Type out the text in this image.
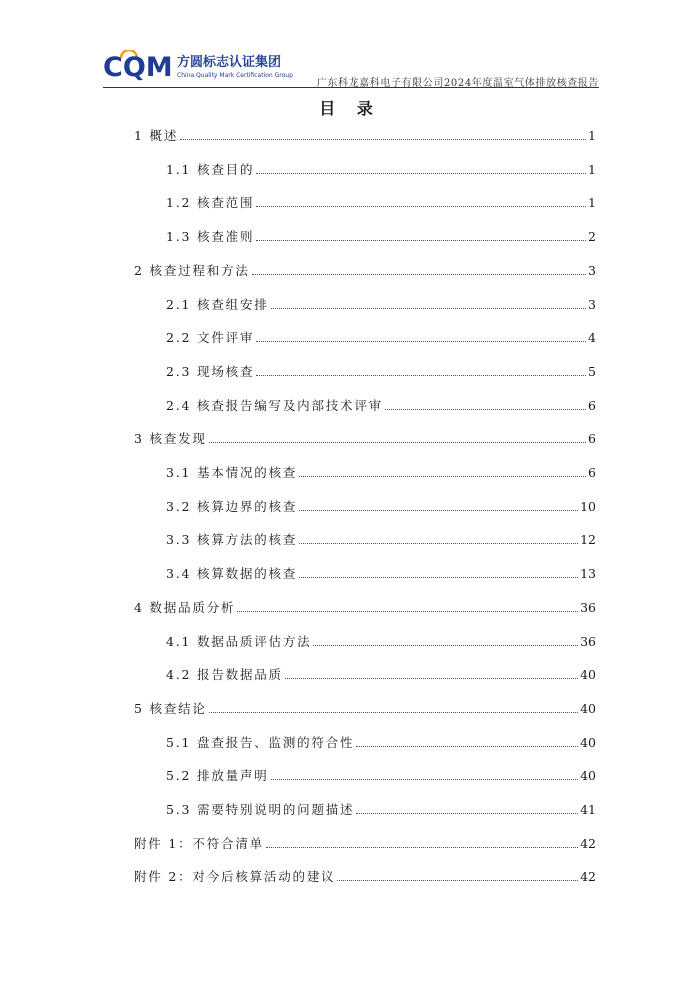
CQM 方圆标志认证集团
China Quality Mark Certification Group
广东科龙嘉科电子有限公司2024年度温室气体排放核查报告
目 录
1 概述	1
1.1 核查目的	1
1.2 核查范围	1
1.3 核查准则	2
2 核查过程和方法	3
2.1 核查组安排	3
2.2 文件评审	4
2.3 现场核查	5
2.4 核查报告编写及内部技术评审	6
3 核查发现	6
3.1 基本情况的核查	6
3.2 核算边界的核查	10
3.3 核算方法的核查	12
3.4 核算数据的核查	13
4 数据品质分析	36
4.1 数据品质评估方法	36
4.2 报告数据品质	40
5 核查结论	40
5.1 盘查报告、监测的符合性	40
5.2 排放量声明	40
5.3 需要特别说明的问题描述	41
附件 1：不符合清单	42
附件 2：对今后核算活动的建议	42
